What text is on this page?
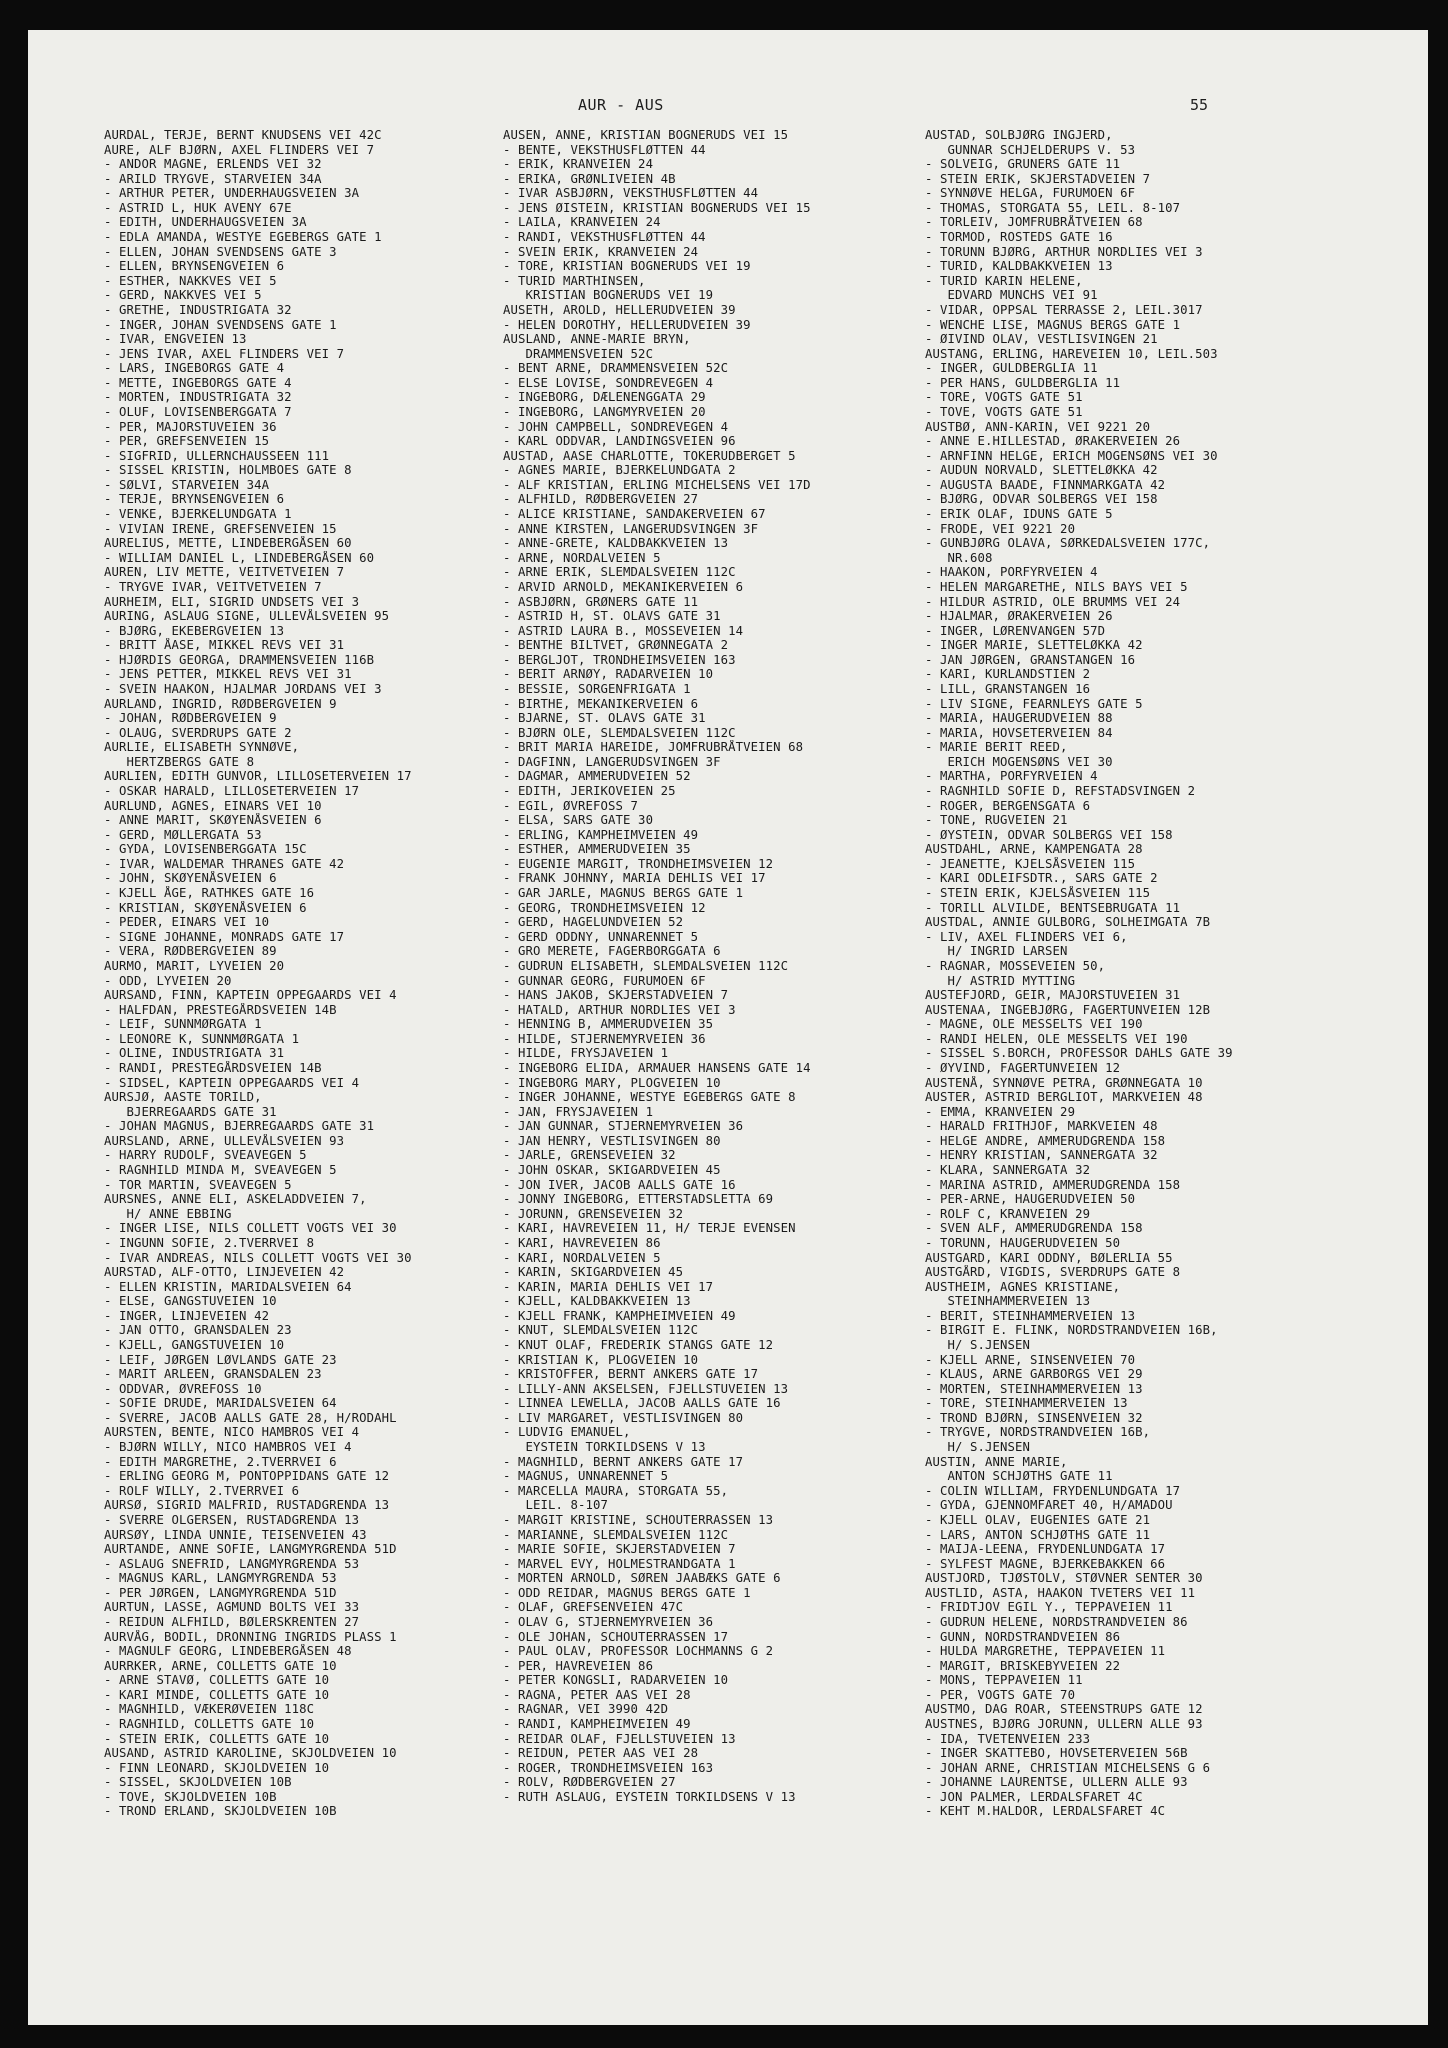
AUR - AUS	55
AURDAL, TERJE, BERNT KNUDSENS VEI 42C
AURE, ALF BJØRN, AXEL FLINDERS VEI 7
- ANDOR MAGNE, ERLENDS VEI 32
- ARILD TRYGVE, STARVEIEN 34A
- ARTHUR PETER, UNDERHAUGSVEIEN 3A
- ASTRID L, HUK AVENY 67E
- EDITH, UNDERHAUGSVEIEN 3A
- EDLA AMANDA, WESTYE EGEBERGS GATE 1
- ELLEN, JOHAN SVENDSENS GATE 3
- ELLEN, BRYNSENGVEIEN 6
- ESTHER, NAKKVES VEI 5
- GERD, NAKKVES VEI 5
- GRETHE, INDUSTRIGATA 32
- INGER, JOHAN SVENDSENS GATE 1
- IVAR, ENGVEIEN 13
- JENS IVAR, AXEL FLINDERS VEI 7
- LARS, INGEBORGS GATE 4
- METTE, INGEBORGS GATE 4
- MORTEN, INDUSTRIGATA 32
- OLUF, LOVISENBERGGATA 7
- PER, MAJORSTUVEIEN 36
- PER, GREFSENVEIEN 15
- SIGFRID, ULLERNCHAUSSEEN 111
- SISSEL KRISTIN, HOLMBOES GATE 8
- SØLVI, STARVEIEN 34A
- TERJE, BRYNSENGVEIEN 6
- VENKE, BJERKELUNDGATA 1
- VIVIAN IRENE, GREFSENVEIEN 15
AURELIUS, METTE, LINDEBERGÅSEN 60
- WILLIAM DANIEL L, LINDEBERGÅSEN 60
AUREN, LIV METTE, VEITVETVEIEN 7
- TRYGVE IVAR, VEITVETVEIEN 7
AURHEIM, ELI, SIGRID UNDSETS VEI 3
AURING, ASLAUG SIGNE, ULLEVÅLSVEIEN 95
- BJØRG, EKEBERGVEIEN 13
- BRITT ÅASE, MIKKEL REVS VEI 31
- HJØRDIS GEORGA, DRAMMENSVEIEN 116B
- JENS PETTER, MIKKEL REVS VEI 31
- SVEIN HAAKON, HJALMAR JORDANS VEI 3
AURLAND, INGRID, RØDBERGVEIEN 9
- JOHAN, RØDBERGVEIEN 9
- OLAUG, SVERDRUPS GATE 2
AURLIE, ELISABETH SYNNØVE,
HERTZBERGS GATE 8
AURLIEN, EDITH GUNVOR, LILLOSETERVEIEN 17
- OSKAR HARALD, LILLOSETERVEIEN 17
AURLUND, AGNES, EINARS VEI 10
- ANNE MARIT, SKØYENÅSVEIEN 6
- GERD, MØLLERGATA 53
- GYDA, LOVISENBERGGATA 15C
- IVAR, WALDEMAR THRANES GATE 42
- JOHN, SKØYENÅSVEIEN 6
- KJELL ÅGE, RATHKES GATE 16
- KRISTIAN, SKØYENÅSVEIEN 6
- PEDER, EINARS VEI 10
- SIGNE JOHANNE, MONRADS GATE 17
- VERA, RØDBERGVEIEN 89
AURMO, MARIT, LYVEIEN 20
- ODD, LYVEIEN 20
AURSAND, FINN, KAPTEIN OPPEGAARDS VEI 4
- HALFDAN, PRESTEGÅRDSVEIEN 14B
- LEIF, SUNNMØRGATA 1
- LEONORE K, SUNNMØRGATA 1
- OLINE, INDUSTRIGATA 31
- RANDI, PRESTEGÅRDSVEIEN 14B
- SIDSEL, KAPTEIN OPPEGAARDS VEI 4
AURSJØ, AASTE TORILD,
BJERREGAARDS GATE 31
- JOHAN MAGNUS, BJERREGAARDS GATE 31
AURSLAND, ARNE, ULLEVÅLSVEIEN 93
- HARRY RUDOLF, SVEAVEGEN 5
- RAGNHILD MINDA M, SVEAVEGEN 5
- TOR MARTIN, SVEAVEGEN 5
AURSNES, ANNE ELI, ASKELADDVEIEN 7,
H/ ANNE EBBING
- INGER LISE, NILS COLLETT VOGTS VEI 30
- INGUNN SOFIE, 2.TVERRVEI 8
- IVAR ANDREAS, NILS COLLETT VOGTS VEI 30
AURSTAD, ALF-OTTO, LINJEVEIEN 42
- ELLEN KRISTIN, MARIDALSVEIEN 64
- ELSE, GANGSTUVEIEN 10
- INGER, LINJEVEIEN 42
- JAN OTTO, GRANSDALEN 23
- KJELL, GANGSTUVEIEN 10
- LEIF, JØRGEN LØVLANDS GATE 23
- MARIT ARLEEN, GRANSDALEN 23
- ODDVAR, ØVREFOSS 10
- SOFIE DRUDE, MARIDALSVEIEN 64
- SVERRE, JACOB AALLS GATE 28, H/RODAHL
AURSTEN, BENTE, NICO HAMBROS VEI 4
- BJØRN WILLY, NICO HAMBROS VEI 4
- EDITH MARGRETHE, 2.TVERRVEI 6
- ERLING GEORG M, PONTOPPIDANS GATE 12
- ROLF WILLY, 2.TVERRVEI 6
AURSØ, SIGRID MALFRID, RUSTADGRENDA 13
- SVERRE OLGERSEN, RUSTADGRENDA 13
AURSØY, LINDA UNNIE, TEISENVEIEN 43
AURTANDE, ANNE SOFIE, LANGMYRGRENDA 51D
- ASLAUG SNEFRID, LANGMYRGRENDA 53
- MAGNUS KARL, LANGMYRGRENDA 53
- PER JØRGEN, LANGMYRGRENDA 51D
AURTUN, LASSE, AGMUND BOLTS VEI 33
- REIDUN ALFHILD, BØLERSKRENTEN 27
AURVÅG, BODIL, DRONNING INGRIDS PLASS 1
- MAGNULF GEORG, LINDEBERGÅSEN 48
AURRKER, ARNE, COLLETTS GATE 10
- ARNE STAVØ, COLLETTS GATE 10
- KARI MINDE, COLLETTS GATE 10
- MAGNHILD, VÆKERØVEIEN 118C
- RAGNHILD, COLLETTS GATE 10
- STEIN ERIK, COLLETTS GATE 10
AUSAND, ASTRID KAROLINE, SKJOLDVEIEN 10
- FINN LEONARD, SKJOLDVEIEN 10
- SISSEL, SKJOLDVEIEN 10B
- TOVE, SKJOLDVEIEN 10B
- TROND ERLAND, SKJOLDVEIEN 10B
AUSEN, ANNE, KRISTIAN BOGNERUDS VEI 15
- BENTE, VEKSTHUSFLØTTEN 44
- ERIK, KRANVEIEN 24
- ERIKA, GRØNLIVEIEN 4B
- IVAR ASBJØRN, VEKSTHUSFLØTTEN 44
- JENS ØISTEIN, KRISTIAN BOGNERUDS VEI 15
- LAILA, KRANVEIEN 24
- RANDI, VEKSTHUSFLØTTEN 44
- SVEIN ERIK, KRANVEIEN 24
- TORE, KRISTIAN BOGNERUDS VEI 19
- TURID MARTHINSEN,
KRISTIAN BOGNERUDS VEI 19
AUSETH, AROLD, HELLERUDVEIEN 39
- HELEN DOROTHY, HELLERUDVEIEN 39
AUSLAND, ANNE-MARIE BRYN,
DRAMMENSVEIEN 52C
- BENT ARNE, DRAMMENSVEIEN 52C
- ELSE LOVISE, SONDREVEGEN 4
- INGEBORG, DÆLENENGGATA 29
- INGEBORG, LANGMYRVEIEN 20
- JOHN CAMPBELL, SONDREVEGEN 4
- KARL ODDVAR, LANDINGSVEIEN 96
AUSTAD, AASE CHARLOTTE, TOKERUDBERGET 5
- AGNES MARIE, BJERKELUNDGATA 2
- ALF KRISTIAN, ERLING MICHELSENS VEI 17D
- ALFHILD, RØDBERGVEIEN 27
- ALICE KRISTIANE, SANDAKERVEIEN 67
- ANNE KIRSTEN, LANGERUDSVINGEN 3F
- ANNE-GRETE, KALDBAKKVEIEN 13
- ARNE, NORDALVEIEN 5
- ARNE ERIK, SLEMDALSVEIEN 112C
- ARVID ARNOLD, MEKANIKERVEIEN 6
- ASBJØRN, GRØNERS GATE 11
- ASTRID H, ST. OLAVS GATE 31
- ASTRID LAURA B., MOSSEVEIEN 14
- BENTHE BILTVET, GRØNNEGATA 2
- BERGLJOT, TRONDHEIMSVEIEN 163
- BERIT ARNØY, RADARVEIEN 10
- BESSIE, SORGENFRIGATA 1
- BIRTHE, MEKANIKERVEIEN 6
- BJARNE, ST. OLAVS GATE 31
- BJØRN OLE, SLEMDALSVEIEN 112C
- BRIT MARIA HAREIDE, JOMFRUBRÅTVEIEN 68
- DAGFINN, LANGERUDSVINGEN 3F
- DAGMAR, AMMERUDVEIEN 52
- EDITH, JERIKOVEIEN 25
- EGIL, ØVREFOSS 7
- ELSA, SARS GATE 30
- ERLING, KAMPHEIMVEIEN 49
- ESTHER, AMMERUDVEIEN 35
- EUGENIE MARGIT, TRONDHEIMSVEIEN 12
- FRANK JOHNNY, MARIA DEHLIS VEI 17
- GAR JARLE, MAGNUS BERGS GATE 1
- GEORG, TRONDHEIMSVEIEN 12
- GERD, HAGELUNDVEIEN 52
- GERD ODDNY, UNNARENNET 5
- GRO MERETE, FAGERBORGGATA 6
- GUDRUN ELISABETH, SLEMDALSVEIEN 112C
- GUNNAR GEORG, FURUMOEN 6F
- HANS JAKOB, SKJERSTADVEIEN 7
- HATALD, ARTHUR NORDLIES VEI 3
- HENNING B, AMMERUDVEIEN 35
- HILDE, STJERNEMYRVEIEN 36
- HILDE, FRYSJAVEIEN 1
- INGEBORG ELIDA, ARMAUER HANSENS GATE 14
- INGEBORG MARY, PLOGVEIEN 10
- INGER JOHANNE, WESTYE EGEBERGS GATE 8
- JAN, FRYSJAVEIEN 1
- JAN GUNNAR, STJERNEMYRVEIEN 36
- JAN HENRY, VESTLISVINGEN 80
- JARLE, GRENSEVEIEN 32
- JOHN OSKAR, SKIGARDVEIEN 45
- JON IVER, JACOB AALLS GATE 16
- JONNY INGEBORG, ETTERSTADSLETTA 69
- JORUNN, GRENSEVEIEN 32
- KARI, HAVREVEIEN 11, H/ TERJE EVENSEN
- KARI, HAVREVEIEN 86
- KARI, NORDALVEIEN 5
- KARIN, SKIGARDVEIEN 45
- KARIN, MARIA DEHLIS VEI 17
- KJELL, KALDBAKKVEIEN 13
- KJELL FRANK, KAMPHEIMVEIEN 49
- KNUT, SLEMDALSVEIEN 112C
- KNUT OLAF, FREDERIK STANGS GATE 12
- KRISTIAN K, PLOGVEIEN 10
- KRISTOFFER, BERNT ANKERS GATE 17
- LILLY-ANN AKSELSEN, FJELLSTUVEIEN 13
- LINNEA LEWELLA, JACOB AALLS GATE 16
- LIV MARGARET, VESTLISVINGEN 80
- LUDVIG EMANUEL,
EYSTEIN TORKILDSENS V 13
- MAGNHILD, BERNT ANKERS GATE 17
- MAGNUS, UNNARENNET 5
- MARCELLA MAURA, STORGATA 55,
LEIL. 8-107
- MARGIT KRISTINE, SCHOUTERRASSEN 13
- MARIANNE, SLEMDALSVEIEN 112C
- MARIE SOFIE, SKJERSTADVEIEN 7
- MARVEL EVY, HOLMESTRANDGATA 1
- MORTEN ARNOLD, SØREN JAABÆKS GATE 6
- ODD REIDAR, MAGNUS BERGS GATE 1
- OLAF, GREFSENVEIEN 47C
- OLAV G, STJERNEMYRVEIEN 36
- OLE JOHAN, SCHOUTERRASSEN 17
- PAUL OLAV, PROFESSOR LOCHMANNS G 2
- PER, HAVREVEIEN 86
- PETER KONGSLI, RADARVEIEN 10
- RAGNA, PETER AAS VEI 28
- RAGNAR, VEI 3990 42D
- RANDI, KAMPHEIMVEIEN 49
- REIDAR OLAF, FJELLSTUVEIEN 13
- REIDUN, PETER AAS VEI 28
- ROGER, TRONDHEIMSVEIEN 163
- ROLV, RØDBERGVEIEN 27
- RUTH ASLAUG, EYSTEIN TORKILDSENS V 13
AUSTAD, SOLBJØRG INGJERD,
GUNNAR SCHJELDERUPS V. 53
- SOLVEIG, GRUNERS GATE 11
- STEIN ERIK, SKJERSTADVEIEN 7
- SYNNØVE HELGA, FURUMOEN 6F
- THOMAS, STORGATA 55, LEIL. 8-107
- TORLEIV, JOMFRUBRÅTVEIEN 68
- TORMOD, ROSTEDS GATE 16
- TORUNN BJØRG, ARTHUR NORDLIES VEI 3
- TURID, KALDBAKKVEIEN 13
- TURID KARIN HELENE,
EDVARD MUNCHS VEI 91
- VIDAR, OPPSAL TERRASSE 2, LEIL.3017
- WENCHE LISE, MAGNUS BERGS GATE 1
- ØIVIND OLAV, VESTLISVINGEN 21
AUSTANG, ERLING, HAREVEIEN 10, LEIL.503
- INGER, GULDBERGLIA 11
- PER HANS, GULDBERGLIA 11
- TORE, VOGTS GATE 51
- TOVE, VOGTS GATE 51
AUSTBØ, ANN-KARIN, VEI 9221 20
- ANNE E.HILLESTAD, ØRAKERVEIEN 26
- ARNFINN HELGE, ERICH MOGENSØNS VEI 30
- AUDUN NORVALD, SLETTELØKKA 42
- AUGUSTA BAADE, FINNMARKGATA 42
- BJØRG, ODVAR SOLBERGS VEI 158
- ERIK OLAF, IDUNS GATE 5
- FRODE, VEI 9221 20
- GUNBJØRG OLAVA, SØRKEDALSVEIEN 177C,
NR.608
- HAAKON, PORFYRVEIEN 4
- HELEN MARGARETHE, NILS BAYS VEI 5
- HILDUR ASTRID, OLE BRUMMS VEI 24
- HJALMAR, ØRAKERVEIEN 26
- INGER, LØRENVANGEN 57D
- INGER MARIE, SLETTELØKKA 42
- JAN JØRGEN, GRANSTANGEN 16
- KARI, KURLANDSTIEN 2
- LILL, GRANSTANGEN 16
- LIV SIGNE, FEARNLEYS GATE 5
- MARIA, HAUGERUDVEIEN 88
- MARIA, HOVSETERVEIEN 84
- MARIE BERIT REED,
ERICH MOGENSØNS VEI 30
- MARTHA, PORFYRVEIEN 4
- RAGNHILD SOFIE D, REFSTADSVINGEN 2
- ROGER, BERGENSGATA 6
- TONE, RUGVEIEN 21
- ØYSTEIN, ODVAR SOLBERGS VEI 158
AUSTDAHL, ARNE, KAMPENGATA 28
- JEANETTE, KJELSÅSVEIEN 115
- KARI ODLEIFSDTR., SARS GATE 2
- STEIN ERIK, KJELSÅSVEIEN 115
- TORILL ALVILDE, BENTSEBRUGATA 11
AUSTDAL, ANNIE GULBORG, SOLHEIMGATA 7B
- LIV, AXEL FLINDERS VEI 6,
H/ INGRID LARSEN
- RAGNAR, MOSSEVEIEN 50,
H/ ASTRID MYTTING
AUSTEFJORD, GEIR, MAJORSTUVEIEN 31
AUSTENAA, INGEBJØRG, FAGERTUNVEIEN 12B
- MAGNE, OLE MESSELTS VEI 190
- RANDI HELEN, OLE MESSELTS VEI 190
- SISSEL S.BORCH, PROFESSOR DAHLS GATE 39
- ØYVIND, FAGERTUNVEIEN 12
AUSTENÅ, SYNNØVE PETRA, GRØNNEGATA 10
AUSTER, ASTRID BERGLIOT, MARKVEIEN 48
- EMMA, KRANVEIEN 29
- HARALD FRITHJOF, MARKVEIEN 48
- HELGE ANDRE, AMMERUDGRENDA 158
- HENRY KRISTIAN, SANNERGATA 32
- KLARA, SANNERGATA 32
- MARINA ASTRID, AMMERUDGRENDA 158
- PER-ARNE, HAUGERUDVEIEN 50
- ROLF C, KRANVEIEN 29
- SVEN ALF, AMMERUDGRENDA 158
- TORUNN, HAUGERUDVEIEN 50
AUSTGARD, KARI ODDNY, BØLERLIA 55
AUSTGÅRD, VIGDIS, SVERDRUPS GATE 8
AUSTHEIM, AGNES KRISTIANE,
STEINHAMMERVEIEN 13
- BERIT, STEINHAMMERVEIEN 13
- BIRGIT E. FLINK, NORDSTRANDVEIEN 16B,
H/ S.JENSEN
- KJELL ARNE, SINSENVEIEN 70
- KLAUS, ARNE GARBORGS VEI 29
- MORTEN, STEINHAMMERVEIEN 13
- TORE, STEINHAMMERVEIEN 13
- TROND BJØRN, SINSENVEIEN 32
- TRYGVE, NORDSTRANDVEIEN 16B,
H/ S.JENSEN
AUSTIN, ANNE MARIE,
ANTON SCHJØTHS GATE 11
- COLIN WILLIAM, FRYDENLUNDGATA 17
- GYDA, GJENNOMFARET 40, H/AMADOU
- KJELL OLAV, EUGENIES GATE 21
- LARS, ANTON SCHJØTHS GATE 11
- MAIJA-LEENA, FRYDENLUNDGATA 17
- SYLFEST MAGNE, BJERKEBAKKEN 66
AUSTJORD, TJØSTOLV, STØVNER SENTER 30
AUSTLID, ASTA, HAAKON TVETERS VEI 11
- FRIDTJOV EGIL Y., TEPPAVEIEN 11
- GUDRUN HELENE, NORDSTRANDVEIEN 86
- GUNN, NORDSTRANDVEIEN 86
- HULDA MARGRETHE, TEPPAVEIEN 11
- MARGIT, BRISKEBYVEIEN 22
- MONS, TEPPAVEIEN 11
- PER, VOGTS GATE 70
AUSTMO, DAG ROAR, STEENSTRUPS GATE 12
AUSTNES, BJØRG JORUNN, ULLERN ALLE 93
- IDA, TVETENVEIEN 233
- INGER SKATTEBO, HOVSETERVEIEN 56B
- JOHAN ARNE, CHRISTIAN MICHELSENS G 6
- JOHANNE LAURENTSE, ULLERN ALLE 93
- JON PALMER, LERDALSFARET 4C
- KEHT M.HALDOR, LERDALSFARET 4C
